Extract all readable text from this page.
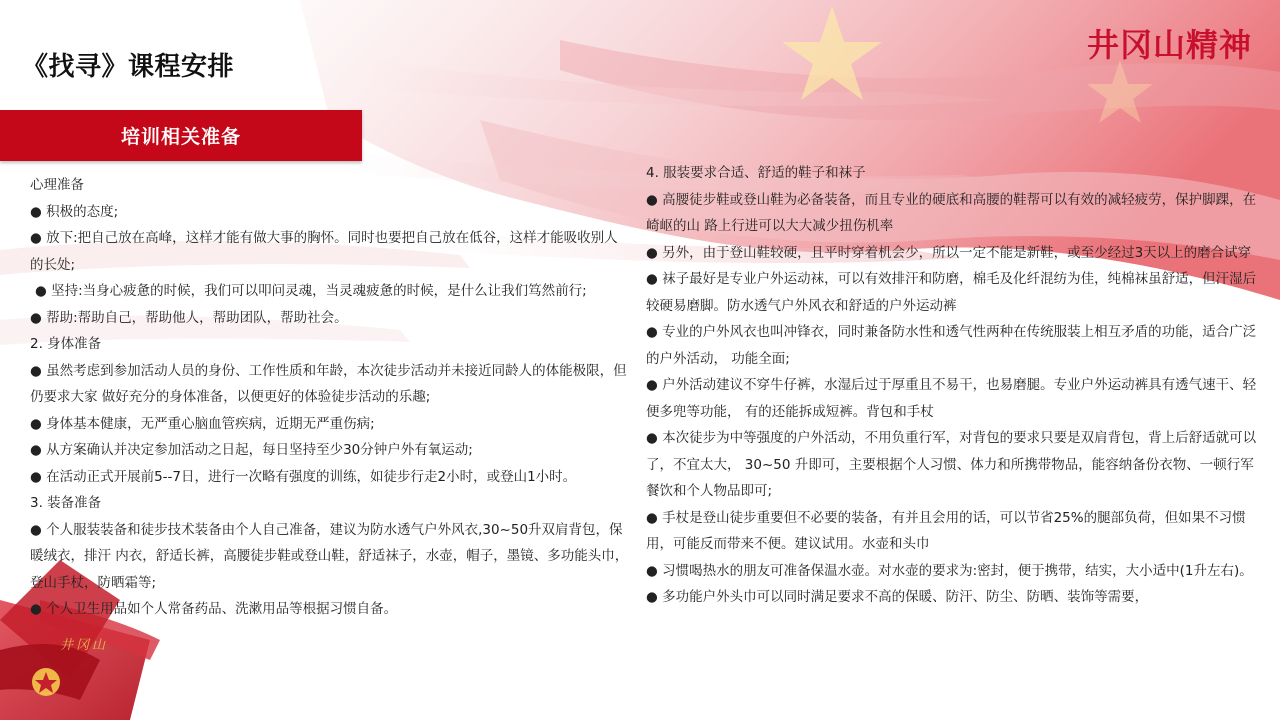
《找寻》课程安排
井冈山精神
培训相关准备

心理准备

● 积极的态度;

● 放下:把自己放在高峰，这样才能有做大事的胸怀。同时也要把自己放在低谷，这样才能吸收别人的长处;

● 坚持:当身心疲惫的时候，我们可以叩问灵魂，当灵魂疲惫的时候，是什么让我们笃然前行;

● 帮助:帮助自己，帮助他人，帮助团队，帮助社会。

2. 身体准备

● 虽然考虑到参加活动人员的身份、工作性质和年龄，本次徒步活动并未接近同龄人的体能极限，但仍要求大家 做好充分的身体准备，以便更好的体验徒步活动的乐趣;

● 身体基本健康，无严重心脑血管疾病，近期无严重伤病;

● 从方案确认并决定参加活动之日起，每日坚持至少30分钟户外有氧运动;

● 在活动正式开展前5--7日，进行一次略有强度的训练，如徒步行走2小时，或登山1小时。

3. 装备准备

● 个人服装装备和徒步技术装备由个人自己准备，建议为防水透气户外风衣,30~50升双肩背包，保暖绒衣，排汗 内衣，舒适长裤，高腰徒步鞋或登山鞋，舒适袜子，水壶，帽子，墨镜、多功能头巾，登山手杖，防晒霜等;

● 个人卫生用品如个人常备药品、洗漱用品等根据习惯自备。

4. 服装要求合适、舒适的鞋子和袜子

● 高腰徒步鞋或登山鞋为必备装备，而且专业的硬底和高腰的鞋帮可以有效的减轻疲劳，保护脚踝，在崎岖的山 路上行进可以大大减少扭伤机率

● 另外，由于登山鞋较硬，且平时穿着机会少，所以一定不能是新鞋，或至少经过3天以上的磨合试穿

● 袜子最好是专业户外运动袜，可以有效排汗和防磨，棉毛及化纤混纺为佳，纯棉袜虽舒适，但汗湿后较硬易磨脚。防水透气户外风衣和舒适的户外运动裤

● 专业的户外风衣也叫冲锋衣，同时兼备防水性和透气性两种在传统服装上相互矛盾的功能，适合广泛的户外活动， 功能全面;

● 户外活动建议不穿牛仔裤，水湿后过于厚重且不易干，也易磨腿。专业户外运动裤具有透气速干、轻便多兜等功能， 有的还能拆成短裤。背包和手杖

● 本次徒步为中等强度的户外活动，不用负重行军，对背包的要求只要是双肩背包，背上后舒适就可以了，不宜太大， 30~50 升即可，主要根据个人习惯、体力和所携带物品，能容纳备份衣物、一顿行军餐饮和个人物品即可;

● 手杖是登山徒步重要但不必要的装备，有并且会用的话，可以节省25%的腿部负荷，但如果不习惯用，可能反而带来不便。建议试用。水壶和头巾

● 习惯喝热水的朋友可准备保温水壶。对水壶的要求为:密封，便于携带，结实，大小适中(1升左右)。

● 多功能户外头巾可以同时满足要求不高的保暖、防汗、防尘、防晒、装饰等需要，

井冈山
